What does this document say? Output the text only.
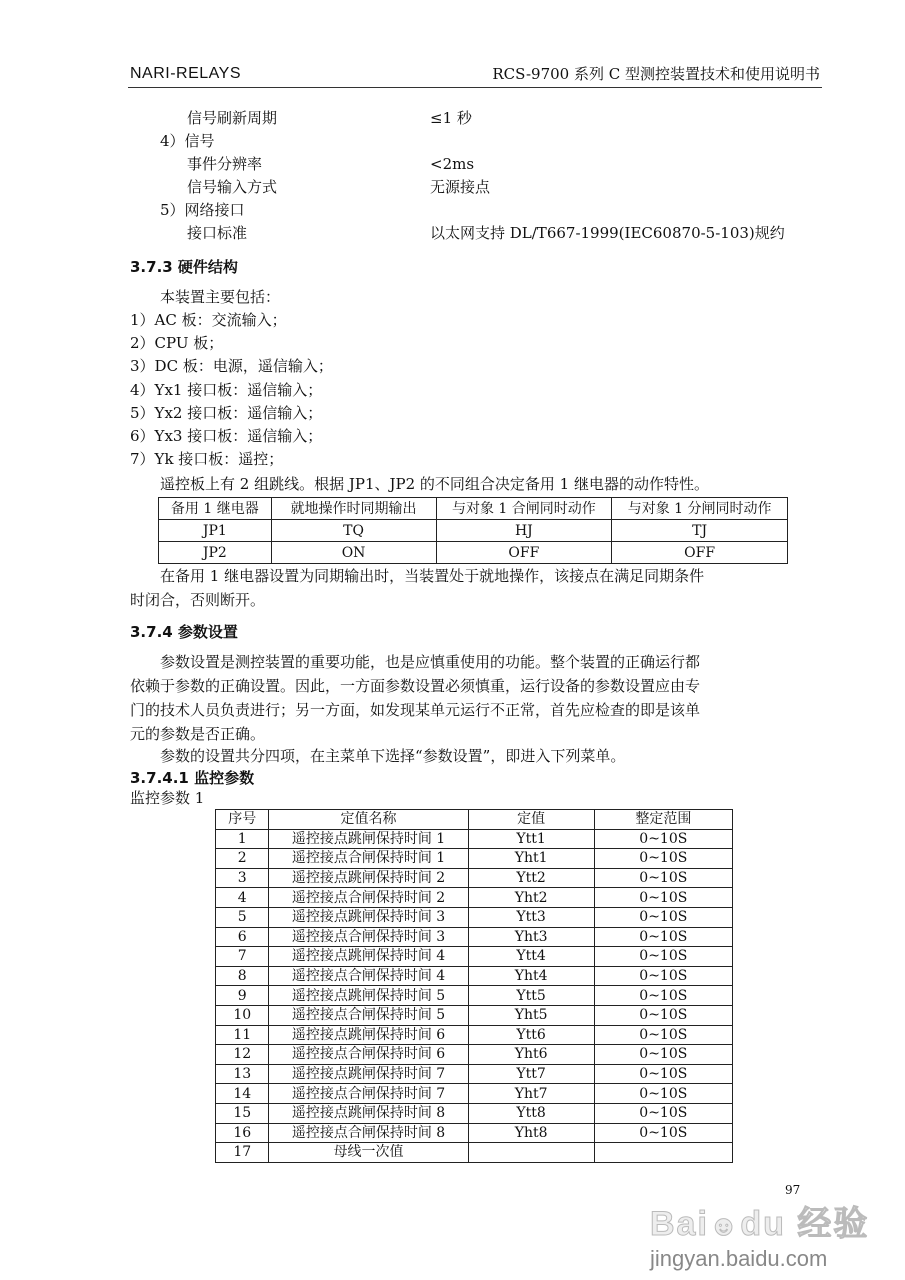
NARI-RELAYS	RCS-9700 系列 C 型测控装置技术和使用说明书
信号刷新周期	≤1 秒
4）信号
事件分辨率	<2ms
信号输入方式	无源接点
5）网络接口
接口标准	以太网支持 DL/T667-1999(IEC60870-5-103)规约
3.7.3 硬件结构
本装置主要包括：
1）AC 板：交流输入；
2）CPU 板；
3）DC 板：电源，遥信输入；
4）Yx1 接口板：遥信输入；
5）Yx2 接口板：遥信输入；
6）Yx3 接口板：遥信输入；
7）Yk 接口板：遥控；
遥控板上有 2 组跳线。根据 JP1、JP2 的不同组合决定备用 1 继电器的动作特性。
备用 1 继电器	就地操作时同期输出	与对象 1 合闸同时动作	与对象 1 分闸同时动作
JP1	TQ	HJ	TJ
JP2	ON	OFF	OFF
在备用 1 继电器设置为同期输出时，当装置处于就地操作，该接点在满足同期条件
时闭合，否则断开。
3.7.4 参数设置
参数设置是测控装置的重要功能，也是应慎重使用的功能。整个装置的正确运行都
依赖于参数的正确设置。因此，一方面参数设置必须慎重，运行设备的参数设置应由专
门的技术人员负责进行；另一方面，如发现某单元运行不正常，首先应检查的即是该单
元的参数是否正确。
参数的设置共分四项，在主菜单下选择“参数设置”，即进入下列菜单。
3.7.4.1 监控参数
监控参数 1
序号	定值名称	定值	整定范围
1	遥控接点跳闸保持时间 1	Ytt1	0~10S
2	遥控接点合闸保持时间 1	Yht1	0~10S
3	遥控接点跳闸保持时间 2	Ytt2	0~10S
4	遥控接点合闸保持时间 2	Yht2	0~10S
5	遥控接点跳闸保持时间 3	Ytt3	0~10S
6	遥控接点合闸保持时间 3	Yht3	0~10S
7	遥控接点跳闸保持时间 4	Ytt4	0~10S
8	遥控接点合闸保持时间 4	Yht4	0~10S
9	遥控接点跳闸保持时间 5	Ytt5	0~10S
10	遥控接点合闸保持时间 5	Yht5	0~10S
11	遥控接点跳闸保持时间 6	Ytt6	0~10S
12	遥控接点合闸保持时间 6	Yht6	0~10S
13	遥控接点跳闸保持时间 7	Ytt7	0~10S
14	遥控接点合闸保持时间 7	Yht7	0~10S
15	遥控接点跳闸保持时间 8	Ytt8	0~10S
16	遥控接点合闸保持时间 8	Yht8	0~10S
17	母线一次值		
97
Bai☻du 经验
jingyan.baidu.com
